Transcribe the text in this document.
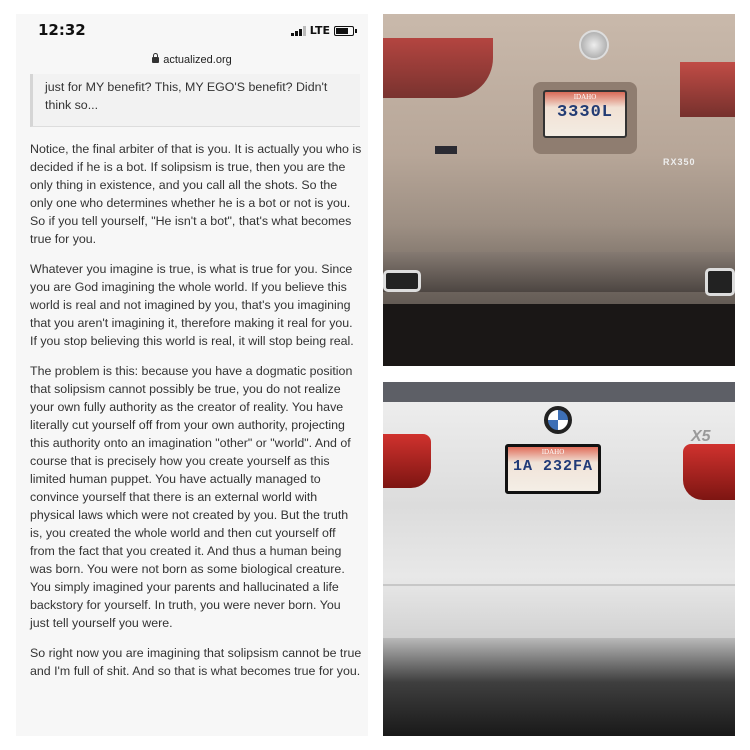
12:32	LTE
actualized.org

just for MY benefit? This, MY EGO'S benefit? Didn't think so...

Notice, the final arbiter of that is you. It is actually you who is decided if he is a bot. If solipsism is true, then you are the only thing in existence, and you call all the shots. So the only one who determines whether he is a bot or not is you. So if you tell yourself, "He isn't a bot", that's what becomes true for you.

Whatever you imagine is true, is what is true for you. Since you are God imagining the whole world. If you believe this world is real and not imagined by you, that's you imagining that you aren't imagining it, therefore making it real for you. If you stop believing this world is real, it will stop being real.

The problem is this: because you have a dogmatic position that solipsism cannot possibly be true, you do not realize your own fully authority as the creator of reality. You have literally cut yourself off from your own authority, projecting this authority onto an imagination "other" or "world". And of course that is precisely how you create yourself as this limited human puppet. You have actually managed to convince yourself that there is an external world with physical laws which were not created by you. But the truth is, you created the whole world and then cut yourself off from the fact that you created it. And thus a human being was born. You were not born as some biological creature. You simply imagined your parents and hallucinated a life backstory for yourself. In truth, you were never born. You just tell yourself you were.

So right now you are imagining that solipsism cannot be true and I'm full of shit. And so that is what becomes true for you.

IDAHO
3330L
RX350
IDAHO
1A 232FA
X5
